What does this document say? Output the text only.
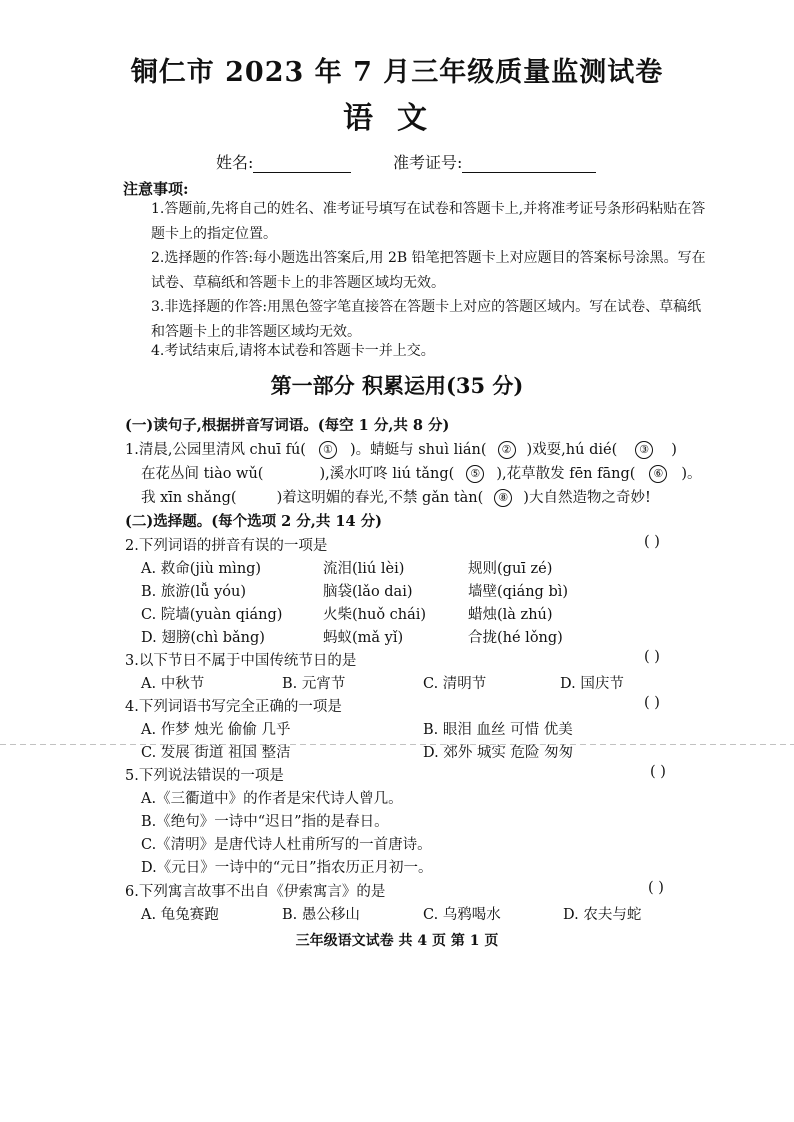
铜仁市 2023 年 7 月三年级质量监测试卷
语文
姓名:	准考证号:
注意事项:
1.答题前,先将自己的姓名、准考证号填写在试卷和答题卡上,并将准考证号条形码粘贴在答题卡上的指定位置。
2.选择题的作答:每小题选出答案后,用 2B 铅笔把答题卡上对应题目的答案标号涂黑。写在试卷、草稿纸和答题卡上的非答题区域均无效。
3.非选择题的作答:用黑色签字笔直接答在答题卡上对应的答题区域内。写在试卷、草稿纸和答题卡上的非答题区域均无效。
4.考试结束后,请将本试卷和答题卡一并上交。
第一部分 积累运用(35 分)
(一)读句子,根据拼音写词语。(每空 1 分,共 8 分)
1.清晨,公园里清风 chuī fú( ① )。蜻蜓与 shuì lián( ② )戏耍,hú dié( ③ )
在花丛间 tiào wǔ(	),溪水叮咚 liú tǎng( ⑤ ),花草散发 fēn fāng( ⑥ )。
我 xīn shǎng(	)着这明媚的春光,不禁 gǎn tàn( ⑧ )大自然造物之奇妙!
(二)选择题。(每个选项 2 分,共 14 分)
2.下列词语的拼音有误的一项是	( )
A. 救命(jiù mìng)	流泪(liú lèi)	规则(guī zé)
B. 旅游(lǚ yóu)	脑袋(lǎo dai)	墙壁(qiáng bì)
C. 院墙(yuàn qiáng)	火柴(huǒ chái)	蜡烛(là zhú)
D. 翅膀(chì bǎng)	蚂蚁(mǎ yǐ)	合拢(hé lǒng)
3.以下节日不属于中国传统节日的是	( )
A. 中秋节	B. 元宵节	C. 清明节	D. 国庆节
4.下列词语书写完全正确的一项是	( )
A. 作梦 烛光 偷偷 几乎	B. 眼泪 血丝 可惜 优美
C. 发展 街道 祖国 整洁	D. 郊外 城实 危险 匆匆
5.下列说法错误的一项是	( )
A.《三衢道中》的作者是宋代诗人曾几。
B.《绝句》一诗中“迟日”指的是春日。
C.《清明》是唐代诗人杜甫所写的一首唐诗。
D.《元日》一诗中的“元日”指农历正月初一。
6.下列寓言故事不出自《伊索寓言》的是	( )
A. 龟兔赛跑	B. 愚公移山	C. 乌鸦喝水	D. 农夫与蛇
三年级语文试卷 共 4 页 第 1 页
